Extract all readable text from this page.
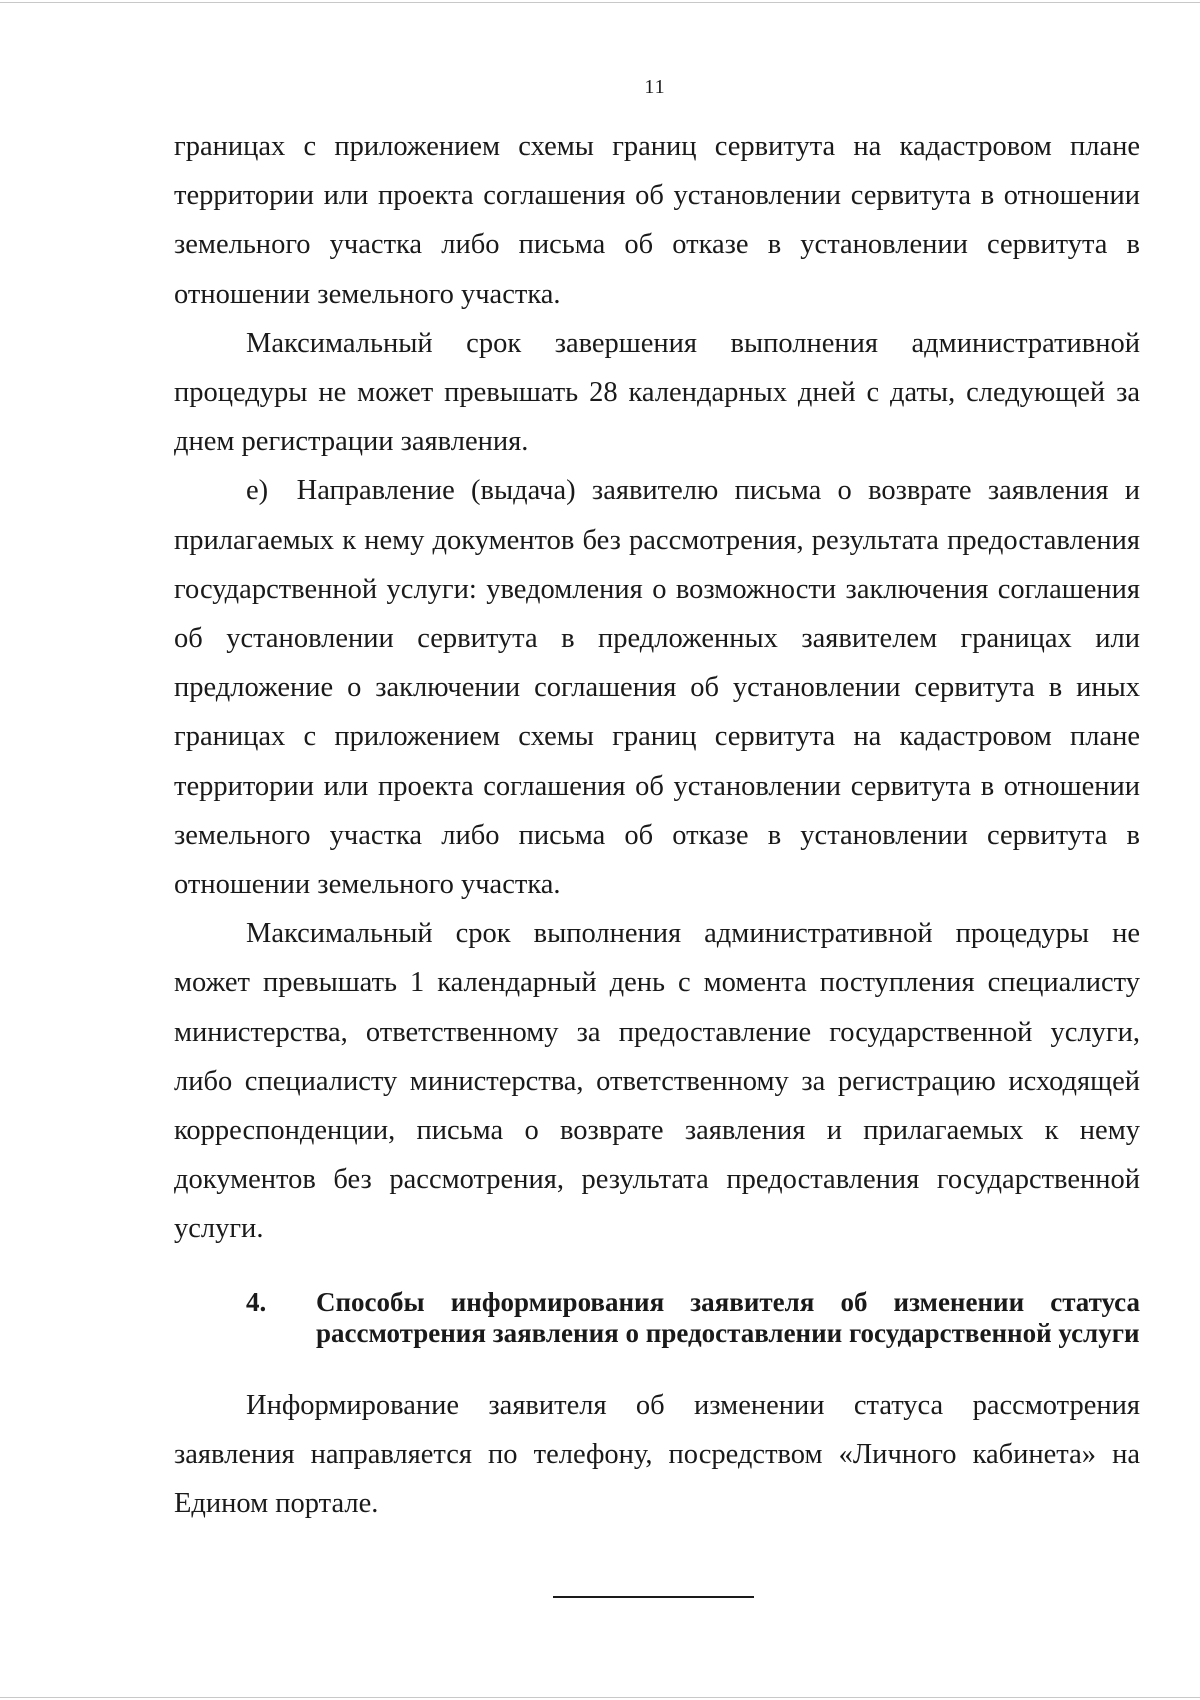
11

границах с приложением схемы границ сервитута на кадастровом плане территории или проекта соглашения об установлении сервитута в отношении земельного участка либо письма об отказе в установлении сервитута в отношении земельного участка.

Максимальный срок завершения выполнения административной процедуры не может превышать 28 календарных дней с даты, следующей за днем регистрации заявления.

е) Направление (выдача) заявителю письма о возврате заявления и прилагаемых к нему документов без рассмотрения, результата предоставления государственной услуги: уведомления о возможности заключения соглашения об установлении сервитута в предложенных заявителем границах или предложение о заключении соглашения об установлении сервитута в иных границах с приложением схемы границ сервитута на кадастровом плане территории или проекта соглашения об установлении сервитута в отношении земельного участка либо письма об отказе в установлении сервитута в отношении земельного участка.

Максимальный срок выполнения административной процедуры не может превышать 1 календарный день с момента поступления специалисту министерства, ответственному за предоставление государственной услуги, либо специалисту министерства, ответственному за регистрацию исходящей корреспонденции, письма о возврате заявления и прилагаемых к нему документов без рассмотрения, результата предоставления государственной услуги.

4.	Способы информирования заявителя об изменении статуса рассмотрения заявления о предоставлении государственной услуги

Информирование заявителя об изменении статуса рассмотрения заявления направляется по телефону, посредством «Личного кабинета» на Едином портале.
